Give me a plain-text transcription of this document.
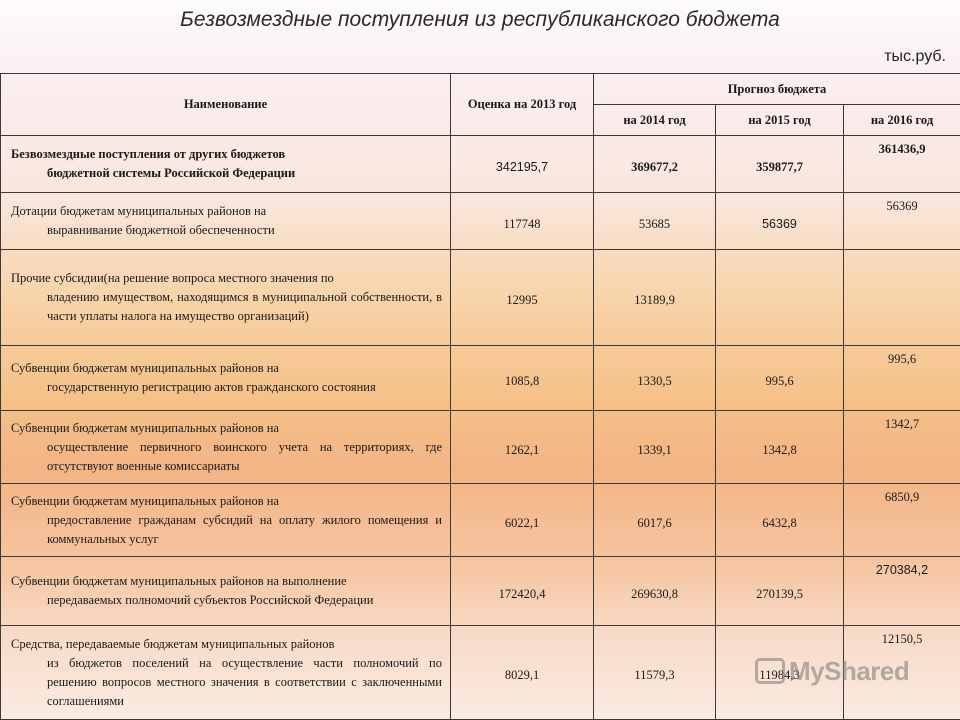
Безвозмездные поступления из республиканского бюджета
тыс.руб.
Наименование	Оценка на 2013 год	Прогноз бюджета		
		на 2014 год	на 2015 год	на 2016 год
Безвозмездные поступления от других бюджетов
бюджетной системы Российской Федерации	342195,7	369677,2	359877,7	361436,9
Дотации бюджетам муниципальных районов на
выравнивание бюджетной обеспеченности	117748	53685	56369	56369
Прочие субсидии(на решение вопроса местного значения по
владению имуществом, находящимся в муниципальной собственности, в части уплаты налога на имущество организаций)	12995	13189,9		
Субвенции бюджетам муниципальных районов на
государственную регистрацию актов гражданского состояния	1085,8	1330,5	995,6	995,6
Субвенции бюджетам муниципальных районов на
осуществление первичного воинского учета на территориях, где отсутствуют военные комиссариаты	1262,1	1339,1	1342,8	1342,7
Субвенции бюджетам муниципальных районов на
предоставление гражданам субсидий на оплату жилого помещения и коммунальных услуг	6022,1	6017,6	6432,8	6850,9
Субвенции бюджетам муниципальных районов на выполнение
передаваемых полномочий субъектов Российской Федерации	172420,4	269630,8	270139,5	270384,2
Средства, передаваемые бюджетам муниципальных районов
из бюджетов поселений на осуществление части полномочий по решению вопросов местного значения в соответствии с заключенными соглашениями	8029,1	11579,3	11984,3	12150,5
MyShared
